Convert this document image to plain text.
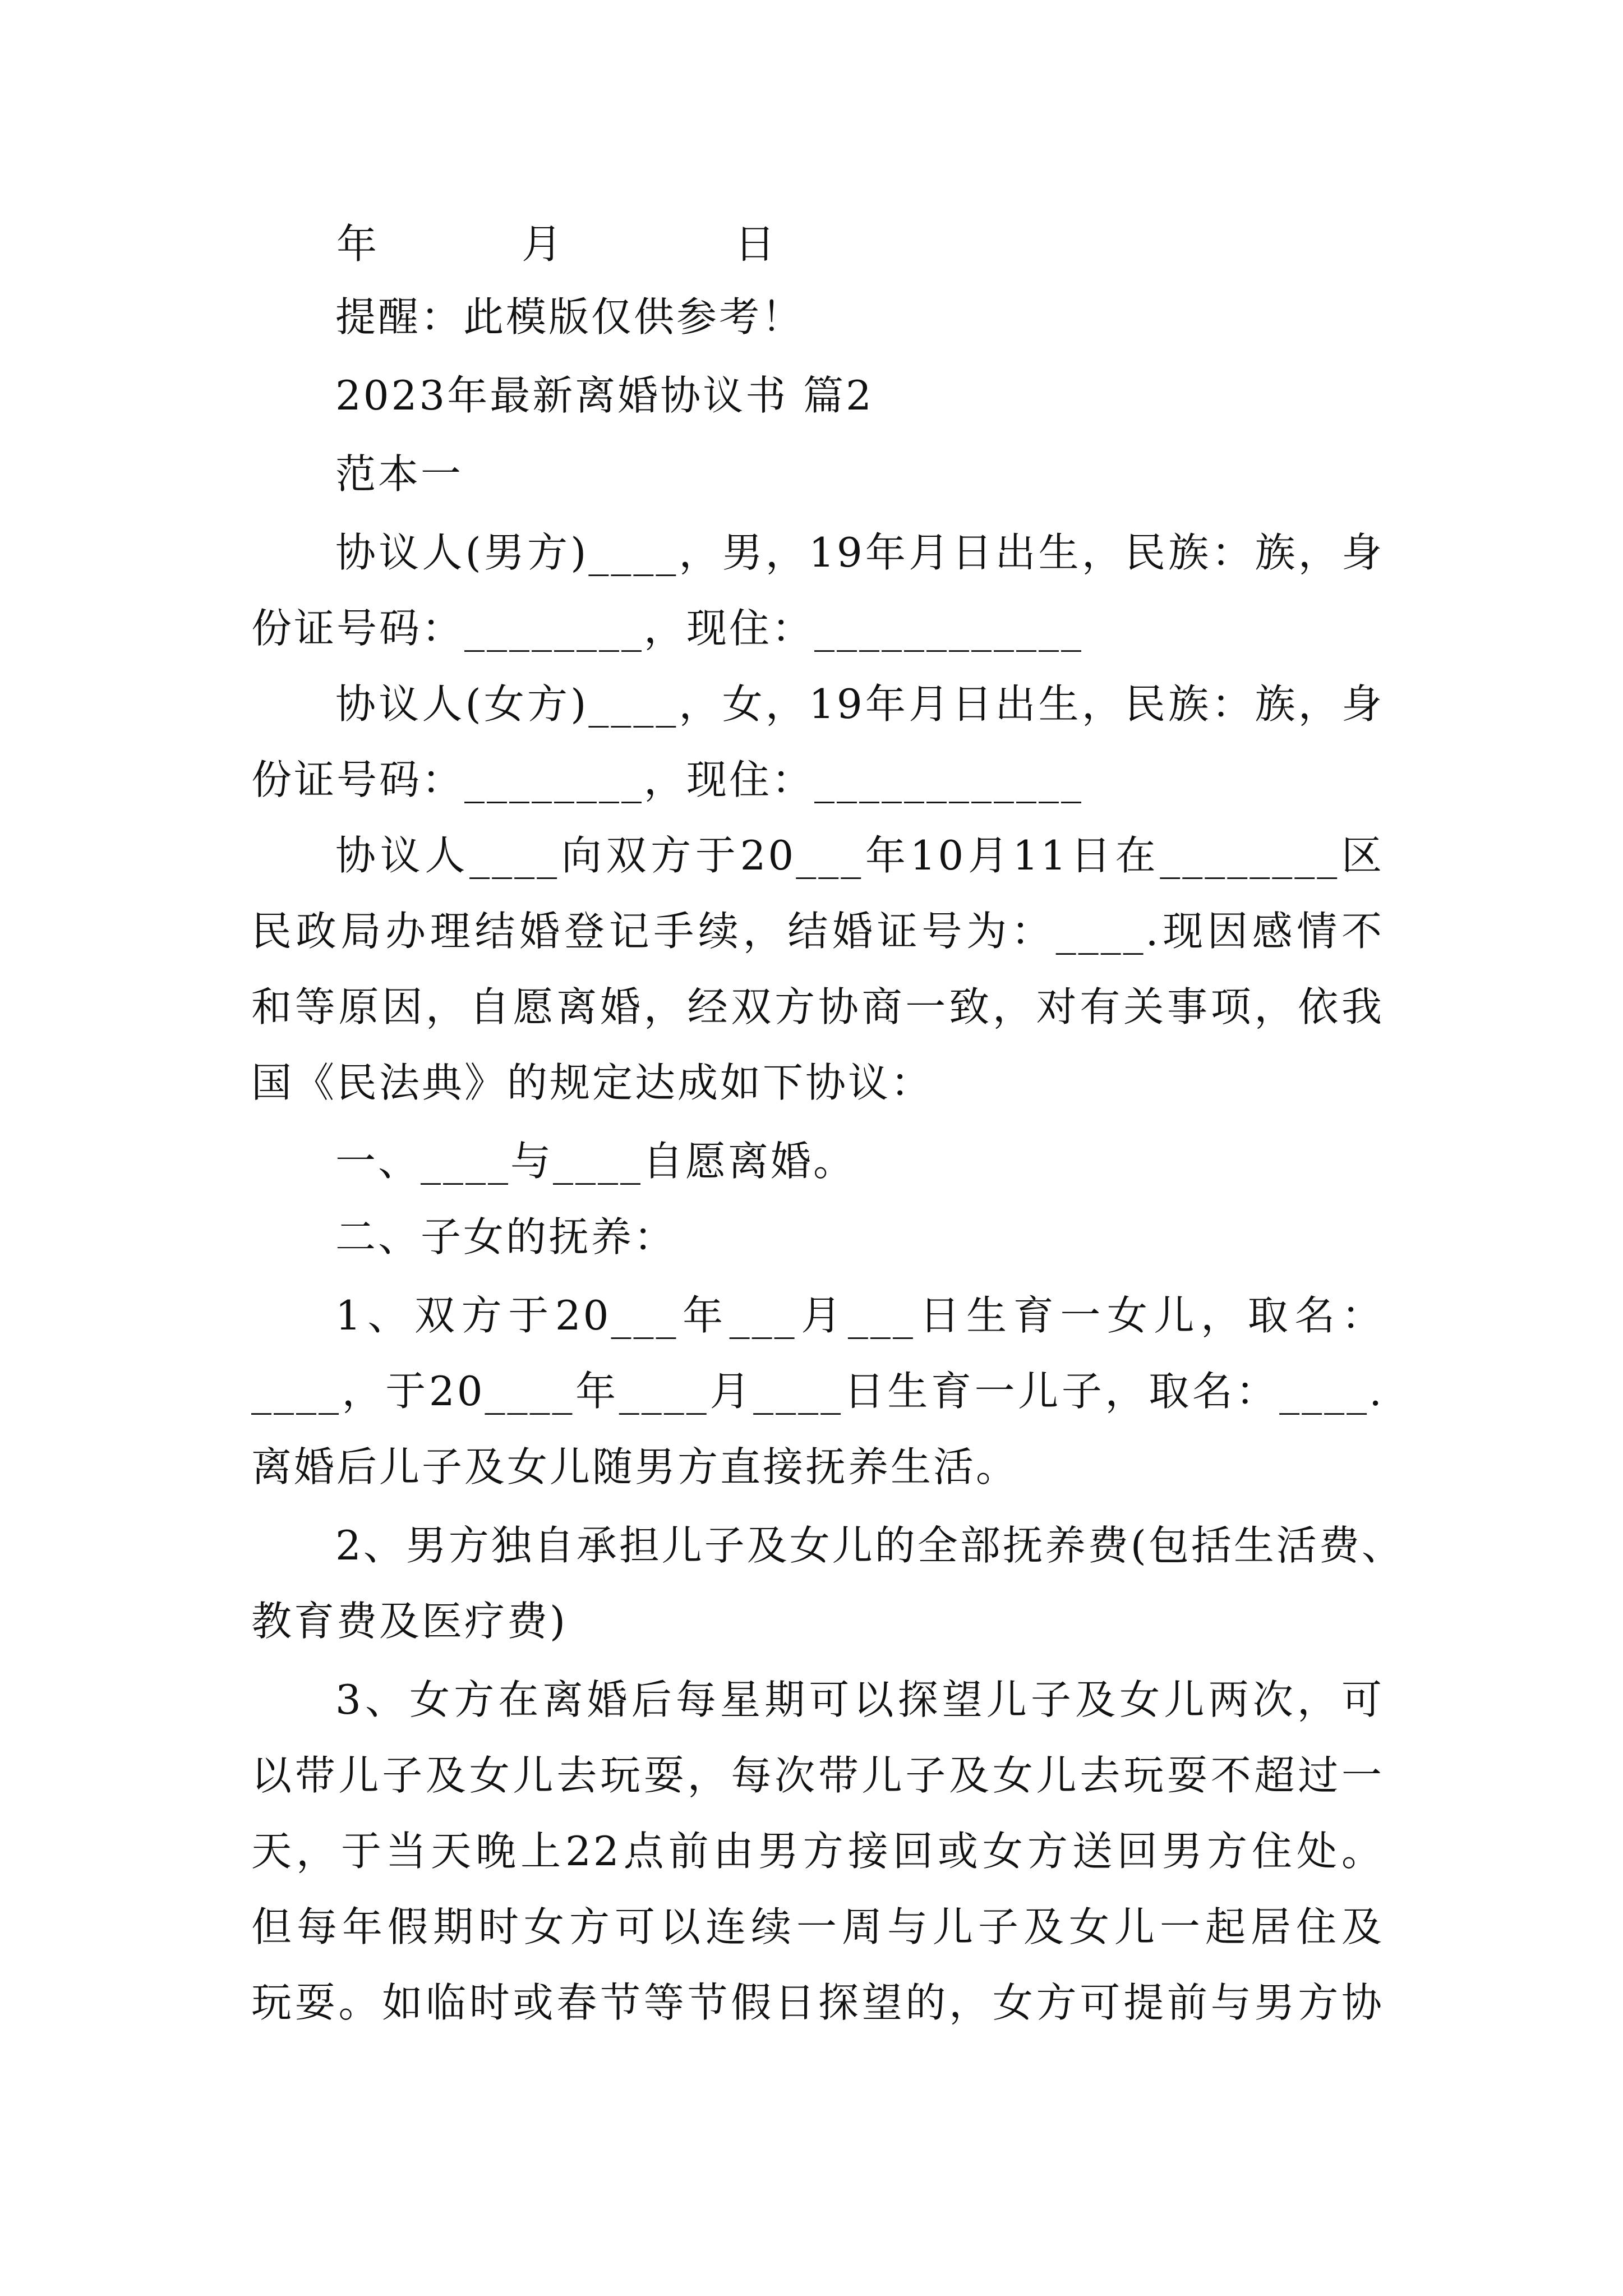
年	月	日
提醒：此模版仅供参考！
2023年最新离婚协议书 篇2
范本一
协议人(男方)____，男，19年月日出生，民族：族，身
份证号码：________，现住：____________
协议人(女方)____，女，19年月日出生，民族：族，身
份证号码：________，现住：____________
协议人____向双方于20___年10月11日在________区
民政局办理结婚登记手续，结婚证号为：____.现因感情不
和等原因，自愿离婚，经双方协商一致，对有关事项，依我
国《民法典》的规定达成如下协议：
一、____与____自愿离婚。
二、子女的抚养：
1、双方于20___年___月___日生育一女儿，取名：
____，于20____年____月____日生育一儿子，取名：____.
离婚后儿子及女儿随男方直接抚养生活。
2、男方独自承担儿子及女儿的全部抚养费(包括生活费、
教育费及医疗费)
3、女方在离婚后每星期可以探望儿子及女儿两次，可
以带儿子及女儿去玩耍，每次带儿子及女儿去玩耍不超过一
天，于当天晚上22点前由男方接回或女方送回男方住处。
但每年假期时女方可以连续一周与儿子及女儿一起居住及
玩耍。如临时或春节等节假日探望的，女方可提前与男方协
